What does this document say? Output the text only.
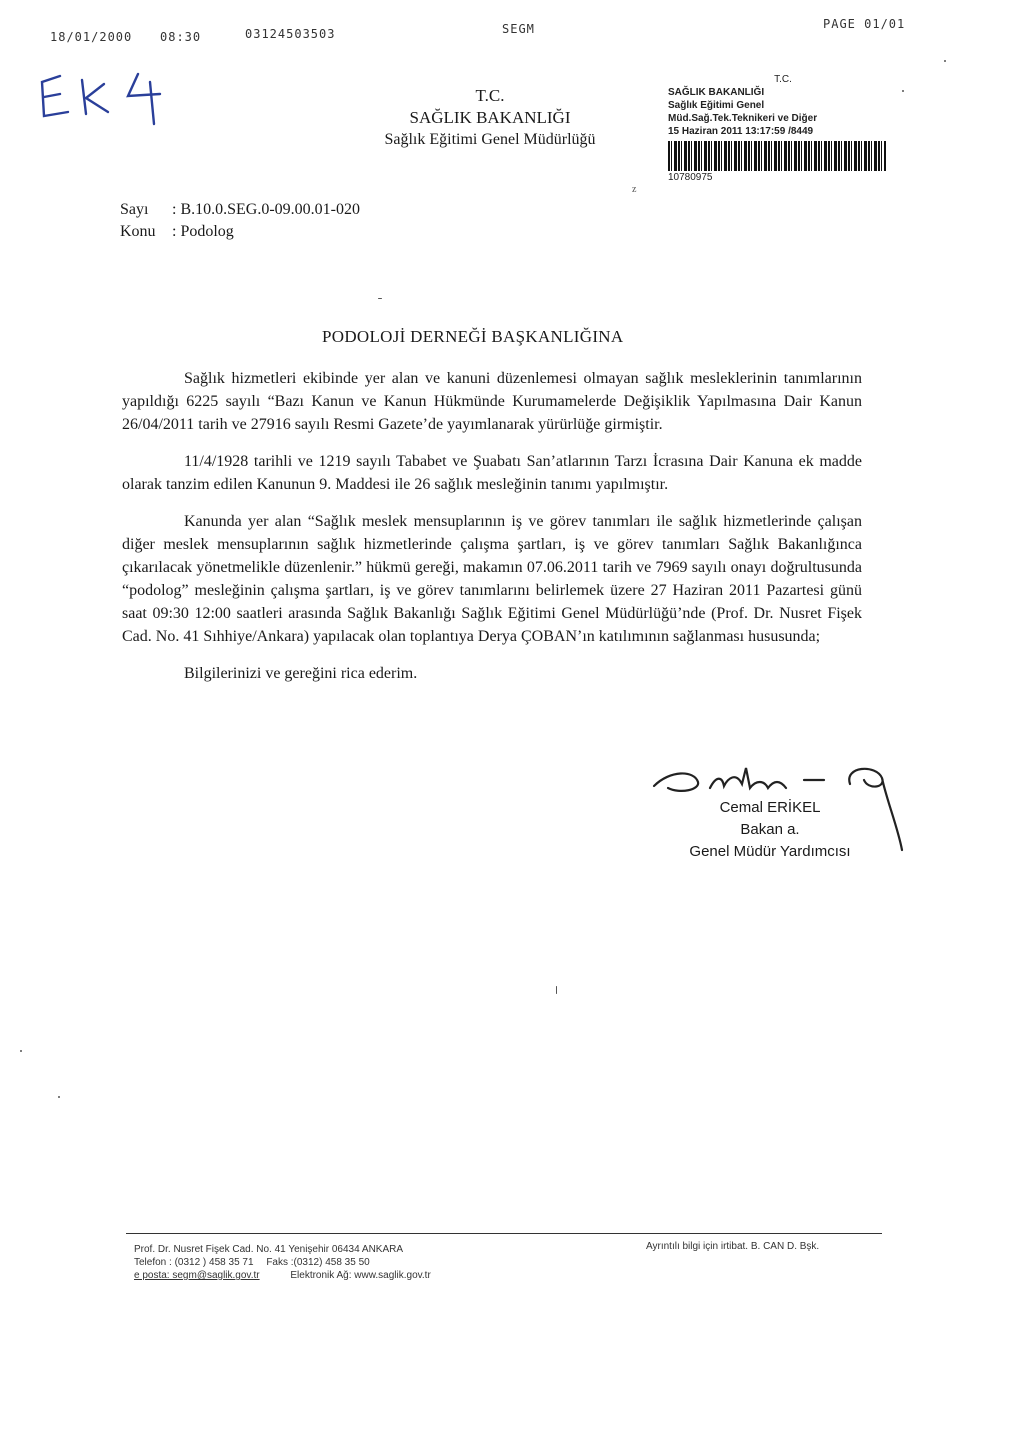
18/01/2000 08:30	03124503503	SEGM	PAGE 01/01
T.C.
SAĞLIK BAKANLIĞI
Sağlık Eğitimi Genel Müdürlüğü
T.C.
SAĞLIK BAKANLIĞI
Sağlık Eğitimi Genel
Müd.Sağ.Tek.Teknikeri ve Diğer
15 Haziran 2011 13:17:59 /8449
10780975
z
Sayı : B.10.0.SEG.0-09.00.01-020
Konu : Podolog
PODOLOJİ DERNEĞİ BAŞKANLIĞINA

Sağlık hizmetleri ekibinde yer alan ve kanuni düzenlemesi olmayan sağlık mesleklerinin tanımlarının yapıldığı 6225 sayılı “Bazı Kanun ve Kanun Hükmünde Kurumamelerde Değişiklik Yapılmasına Dair Kanun 26/04/2011 tarih ve 27916 sayılı Resmi Gazete’de yayımlanarak yürürlüğe girmiştir.

11/4/1928 tarihli ve 1219 sayılı Tababet ve Şuabatı San’atlarının Tarzı İcrasına Dair Kanuna ek madde olarak tanzim edilen Kanunun 9. Maddesi ile 26 sağlık mesleğinin tanımı yapılmıştır.

Kanunda yer alan “Sağlık meslek mensuplarının iş ve görev tanımları ile sağlık hizmetlerinde çalışan diğer meslek mensuplarının sağlık hizmetlerinde çalışma şartları, iş ve görev tanımları Sağlık Bakanlığınca çıkarılacak yönetmelikle düzenlenir.” hükmü gereği, makamın 07.06.2011 tarih ve 7969 sayılı onayı doğrultusunda “podolog” mesleğinin çalışma şartları, iş ve görev tanımlarını belirlemek üzere 27 Haziran 2011 Pazartesi günü saat 09:30 12:00 saatleri arasında Sağlık Bakanlığı Sağlık Eğitimi Genel Müdürlüğü’nde (Prof. Dr. Nusret Fişek Cad. No. 41 Sıhhiye/Ankara) yapılacak olan toplantıya Derya ÇOBAN’ın katılımının sağlanması hususunda;

Bilgilerinizi ve gereğini rica ederim.

Cemal ERİKEL
Bakan a.
Genel Müdür Yardımcısı
Prof. Dr. Nusret Fişek Cad. No. 41 Yenişehir 06434 ANKARA
Telefon : (0312 ) 458 35 71 Faks :(0312) 458 35 50
e posta: segm@saglik.gov.tr	Elektronik Ağ: www.saglik.gov.tr
Ayrıntılı bilgi için irtibat. B. CAN D. Bşk.
